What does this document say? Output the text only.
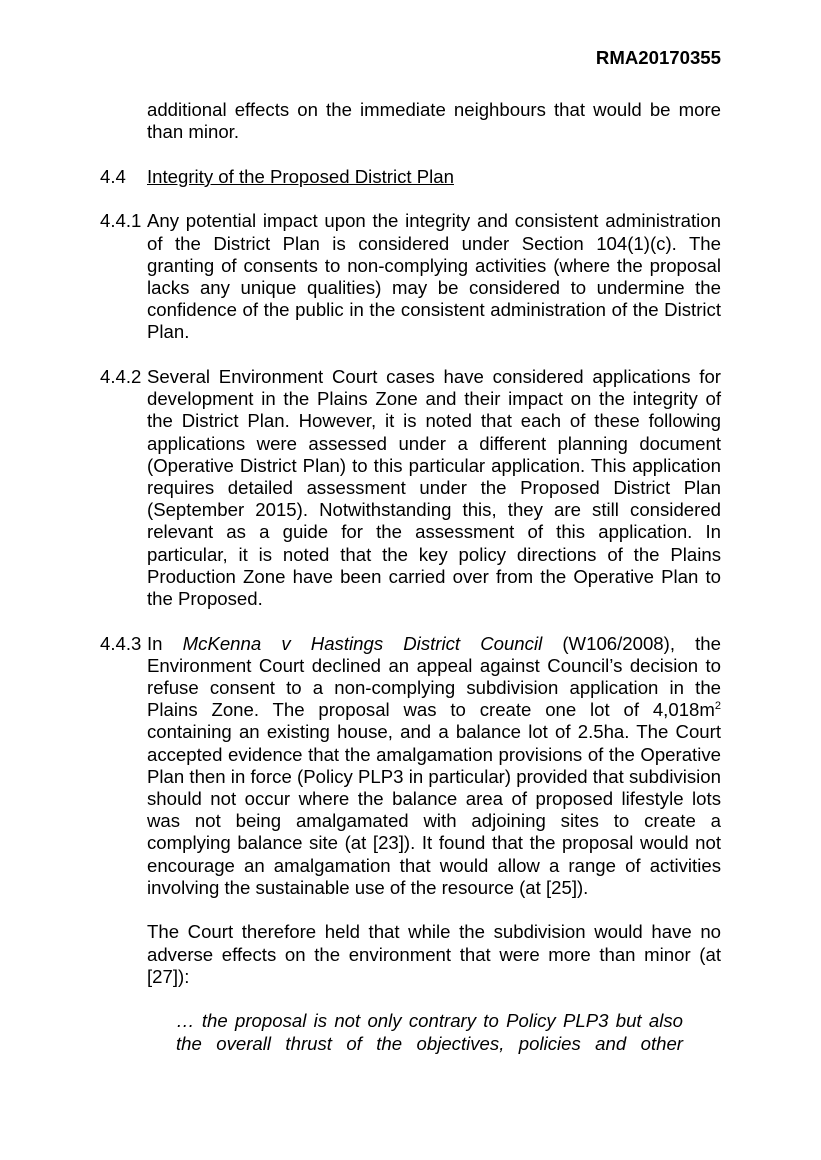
RMA20170355
additional effects on the immediate neighbours that would be more than minor.
4.4	Integrity of the Proposed District Plan
4.4.1 Any potential impact upon the integrity and consistent administration of the District Plan is considered under Section 104(1)(c). The granting of consents to non-complying activities (where the proposal lacks any unique qualities) may be considered to undermine the confidence of the public in the consistent administration of the District Plan.
4.4.2 Several Environment Court cases have considered applications for development in the Plains Zone and their impact on the integrity of the District Plan. However, it is noted that each of these following applications were assessed under a different planning document (Operative District Plan) to this particular application. This application requires detailed assessment under the Proposed District Plan (September 2015). Notwithstanding this, they are still considered relevant as a guide for the assessment of this application. In particular, it is noted that the key policy directions of the Plains Production Zone have been carried over from the Operative Plan to the Proposed.
4.4.3 In McKenna v Hastings District Council (W106/2008), the Environment Court declined an appeal against Council’s decision to refuse consent to a non-complying subdivision application in the Plains Zone. The proposal was to create one lot of $4,018m^2$ containing an existing house, and a balance lot of 2.5ha. The Court accepted evidence that the amalgamation provisions of the Operative Plan then in force (Policy PLP3 in particular) provided that subdivision should not occur where the balance area of proposed lifestyle lots was not being amalgamated with adjoining sites to create a complying balance site (at [23]). It found that the proposal would not encourage an amalgamation that would allow a range of activities involving the sustainable use of the resource (at [25]).
The Court therefore held that while the subdivision would have no adverse effects on the environment that were more than minor (at [27]):
… the proposal is not only contrary to Policy PLP3 but also
the overall thrust of the objectives, policies and other
